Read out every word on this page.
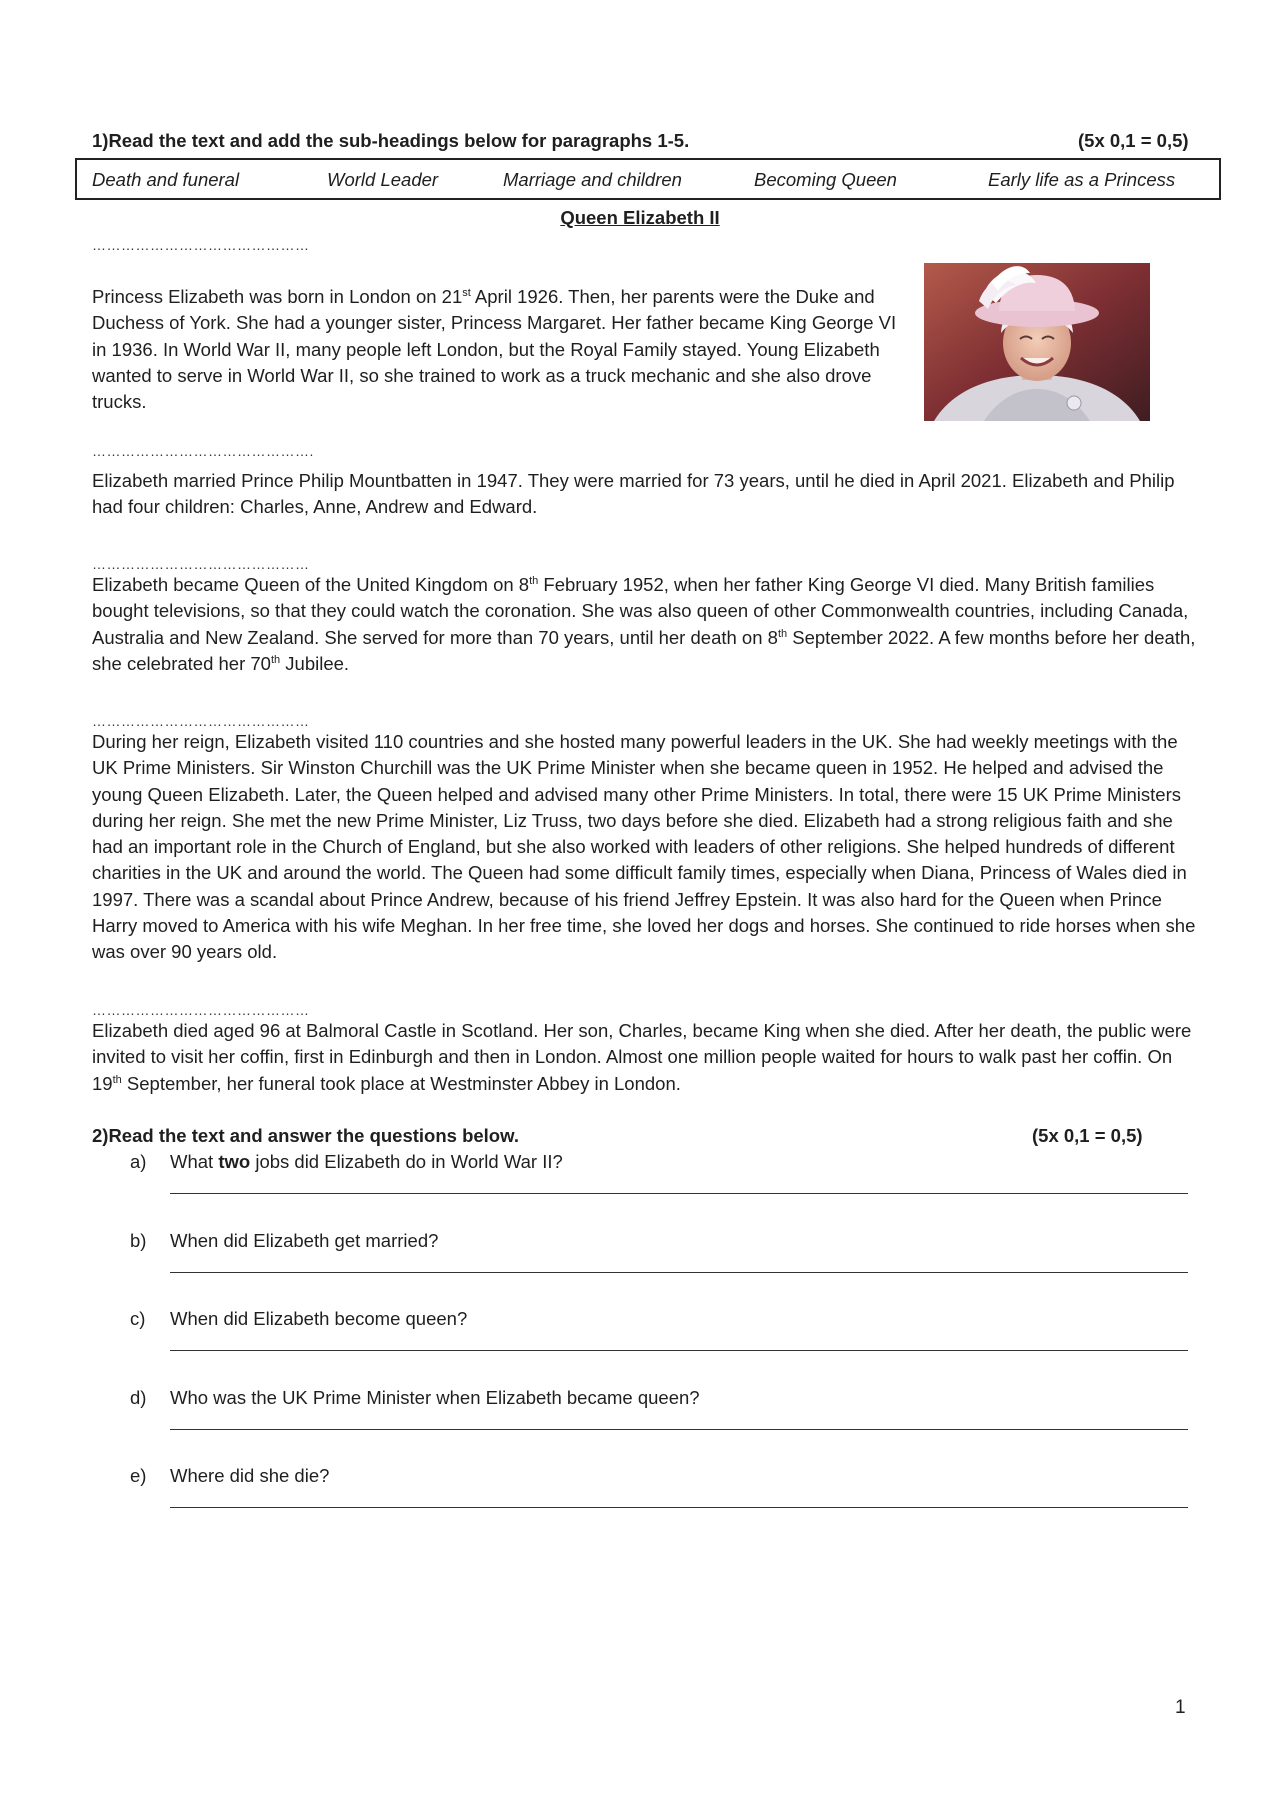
1)Read the text and add the sub-headings below for paragraphs 1-5.	(5x 0,1 = 0,5)
Death and funeral	World Leader	Marriage and children	Becoming Queen	Early life as a Princess
Queen Elizabeth II
………………………………………

Princess Elizabeth was born in London on 21st April 1926. Then, her parents were the Duke and Duchess of York. She had a younger sister, Princess Margaret. Her father became King George VI in 1936. In World War II, many people left London, but the Royal Family stayed. Young Elizabeth wanted to serve in World War II, so she trained to work as a truck mechanic and she also drove trucks.

……………………………………….

Elizabeth married Prince Philip Mountbatten in 1947. They were married for 73 years, until he died in April 2021. Elizabeth and Philip had four children: Charles, Anne, Andrew and Edward.

………………………………………

Elizabeth became Queen of the United Kingdom on 8th February 1952, when her father King George VI died. Many British families bought televisions, so that they could watch the coronation. She was also queen of other Commonwealth countries, including Canada, Australia and New Zealand. She served for more than 70 years, until her death on 8th September 2022. A few months before her death, she celebrated her 70th Jubilee.

………………………………………

During her reign, Elizabeth visited 110 countries and she hosted many powerful leaders in the UK. She had weekly meetings with the UK Prime Ministers. Sir Winston Churchill was the UK Prime Minister when she became queen in 1952. He helped and advised the young Queen Elizabeth. Later, the Queen helped and advised many other Prime Ministers. In total, there were 15 UK Prime Ministers during her reign. She met the new Prime Minister, Liz Truss, two days before she died. Elizabeth had a strong religious faith and she had an important role in the Church of England, but she also worked with leaders of other religions. She helped hundreds of different charities in the UK and around the world. The Queen had some difficult family times, especially when Diana, Princess of Wales died in 1997. There was a scandal about Prince Andrew, because of his friend Jeffrey Epstein. It was also hard for the Queen when Prince Harry moved to America with his wife Meghan. In her free time, she loved her dogs and horses. She continued to ride horses when she was over 90 years old.

………………………………………

Elizabeth died aged 96 at Balmoral Castle in Scotland. Her son, Charles, became King when she died. After her death, the public were invited to visit her coffin, first in Edinburgh and then in London. Almost one million people waited for hours to walk past her coffin. On 19th September, her funeral took place at Westminster Abbey in London.

2)Read the text and answer the questions below.	(5x 0,1 = 0,5)
a) What two jobs did Elizabeth do in World War II?
b) When did Elizabeth get married?
c) When did Elizabeth become queen?
d) Who was the UK Prime Minister when Elizabeth became queen?
e) Where did she die?
1
